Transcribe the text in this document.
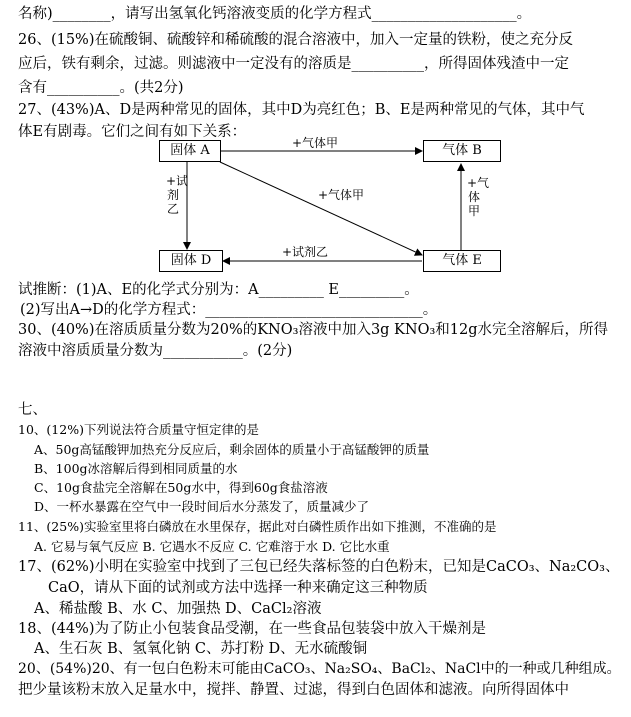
名称)________，请写出氢氧化钙溶液变质的化学方程式____________________。
26、(15%)在硫酸铜、硫酸锌和稀硫酸的混合溶液中，加入一定量的铁粉，使之充分反
应后，铁有剩余，过滤。则滤液中一定没有的溶质是__________，所得固体残渣中一定
含有__________。(共2分)
27、(43%)A、D是两种常见的固体，其中D为亮红色；B、E是两种常见的气体，其中气
体E有剧毒。它们之间有如下关系：
固体 A	气体 B
固体 D	气体 E
+气体甲
+气体甲
+试剂乙
+试剂乙
+气体甲
试推断：(1)A、E的化学式分别为：A_________ E_________。
(2)写出A→D的化学方程式：______________________________。
30、(40%)在溶质质量分数为20%的KNO₃溶液中加入3g KNO₃和12g水完全溶解后，所得
溶液中溶质质量分数为___________。(2分)
七、
10、(12%)下列说法符合质量守恒定律的是
A、50g高锰酸钾加热充分反应后，剩余固体的质量小于高锰酸钾的质量
B、100g冰溶解后得到相同质量的水
C、10g食盐完全溶解在50g水中，得到60g食盐溶液
D、一杯水暴露在空气中一段时间后水分蒸发了，质量减少了
11、(25%)实验室里将白磷放在水里保存，据此对白磷性质作出如下推测，不准确的是
A. 它易与氧气反应 B. 它遇水不反应 C. 它难溶于水 D. 它比水重
17、(62%)小明在实验室中找到了三包已经失落标签的白色粉末，已知是CaCO₃、Na₂CO₃、
CaO，请从下面的试剂或方法中选择一种来确定这三种物质
A、稀盐酸 B、水 C、加强热 D、CaCl₂溶液
18、(44%)为了防止小包装食品受潮，在一些食品包装袋中放入干燥剂是
A、生石灰 B、氢氧化钠 C、苏打粉 D、无水硫酸铜
20、(54%)20、有一包白色粉末可能由CaCO₃、Na₂SO₄、BaCl₂、NaCl中的一种或几种组成。
把少量该粉末放入足量水中，搅拌、静置、过滤，得到白色固体和滤液。向所得固体中
